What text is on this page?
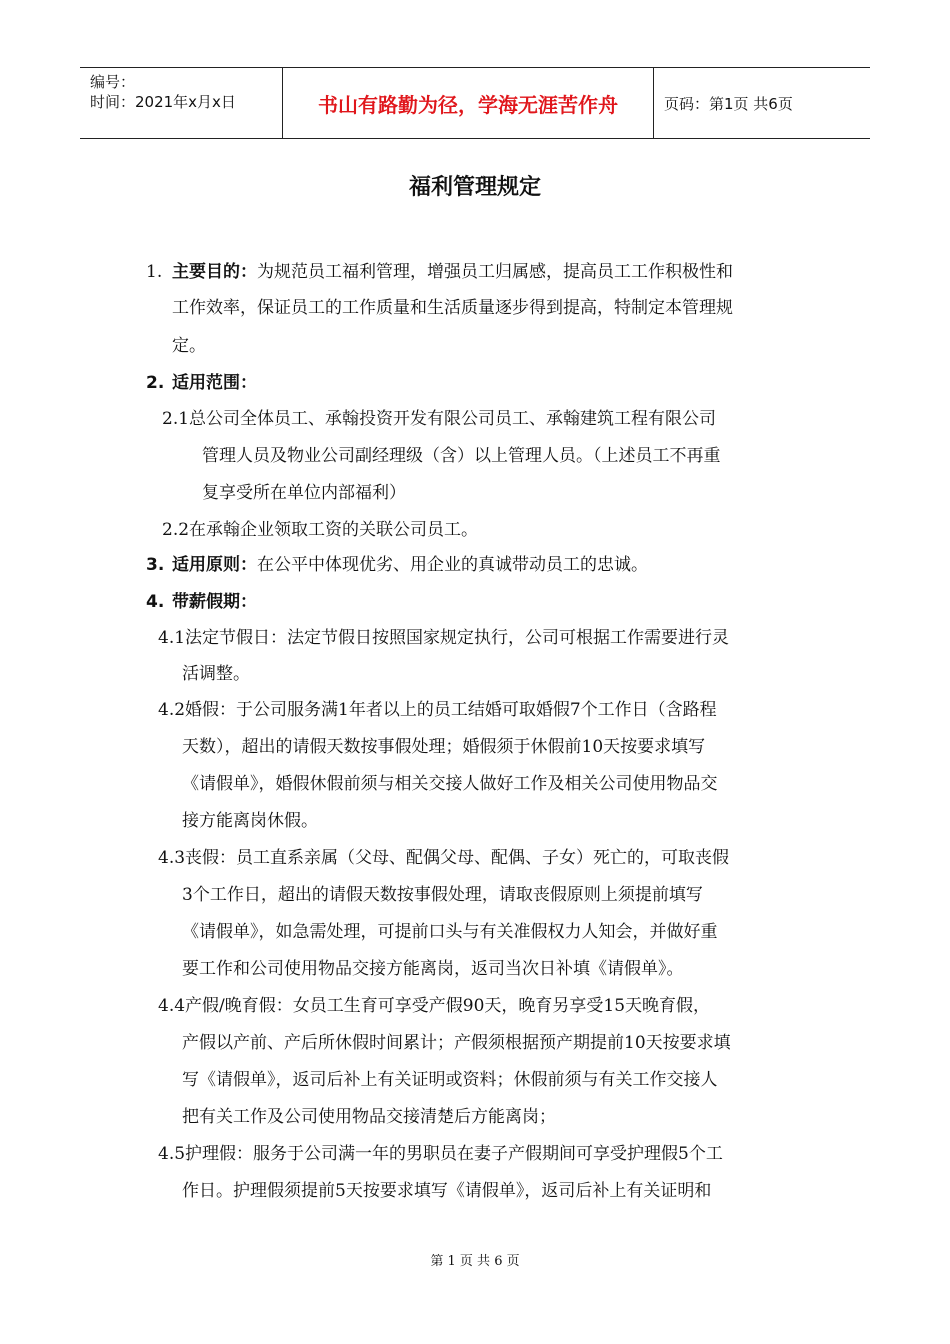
编号：
时间：2021年x月x日	书山有路勤为径，学海无涯苦作舟	页码：第1页 共6页
福利管理规定
1. 主要目的：为规范员工福利管理，增强员工归属感，提高员工工作积极性和
工作效率，保证员工的工作质量和生活质量逐步得到提高，特制定本管理规
定。
2. 适用范围：
2.1总公司全体员工、承翰投资开发有限公司员工、承翰建筑工程有限公司
管理人员及物业公司副经理级（含）以上管理人员。（上述员工不再重
复享受所在单位内部福利）
2.2在承翰企业领取工资的关联公司员工。
3. 适用原则：在公平中体现优劣、用企业的真诚带动员工的忠诚。
4. 带薪假期：
4.1法定节假日：法定节假日按照国家规定执行，公司可根据工作需要进行灵
活调整。
4.2婚假：于公司服务满1年者以上的员工结婚可取婚假7个工作日（含路程
天数），超出的请假天数按事假处理；婚假须于休假前10天按要求填写
《请假单》，婚假休假前须与相关交接人做好工作及相关公司使用物品交
接方能离岗休假。
4.3丧假：员工直系亲属（父母、配偶父母、配偶、子女）死亡的，可取丧假
3个工作日，超出的请假天数按事假处理，请取丧假原则上须提前填写
《请假单》，如急需处理，可提前口头与有关准假权力人知会，并做好重
要工作和公司使用物品交接方能离岗，返司当次日补填《请假单》。
4.4产假/晚育假：女员工生育可享受产假90天，晚育另享受15天晚育假，
产假以产前、产后所休假时间累计；产假须根据预产期提前10天按要求填
写《请假单》，返司后补上有关证明或资料；休假前须与有关工作交接人
把有关工作及公司使用物品交接清楚后方能离岗；
4.5护理假：服务于公司满一年的男职员在妻子产假期间可享受护理假5个工
作日。护理假须提前5天按要求填写《请假单》，返司后补上有关证明和
第 1 页 共 6 页
